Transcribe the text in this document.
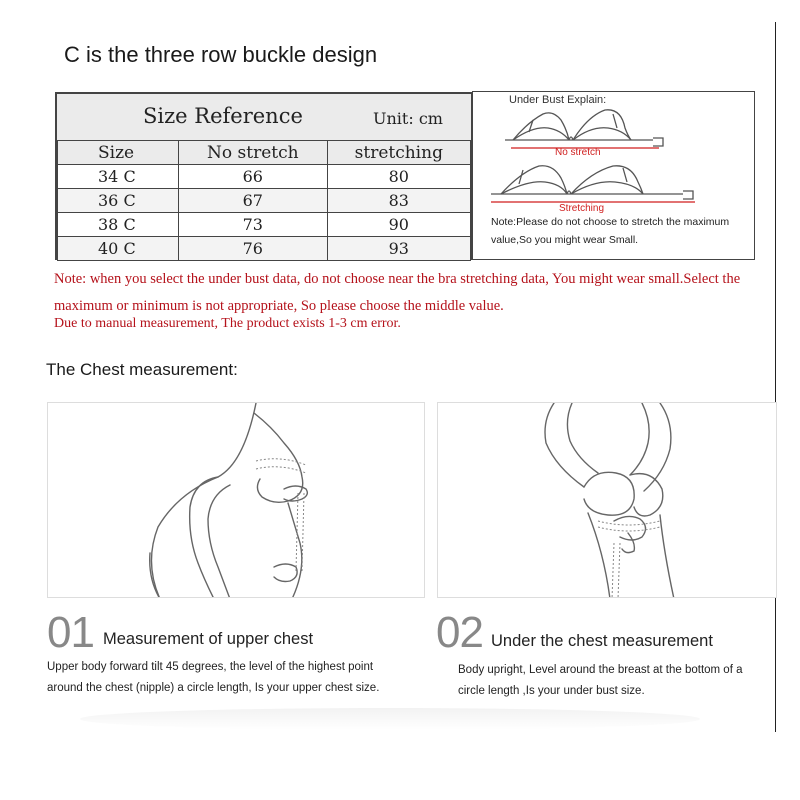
C is the three row buckle design
Size Reference	Unit: cm
Size	No stretch	stretching
34 C	66	80
36 C	67	83
38 C	73	90
40 C	76	93
Under Bust Explain:
No stretch
Stretching
Note:Please do not choose to stretch the maximum value,So you might wear Small.
Note: when you select the under bust data, do not choose near the bra stretching data, You might wear small.Select the maximum or minimum is not appropriate, So please choose the middle value.
Due to manual measurement, The product exists 1-3 cm error.
The Chest measurement:
01 Measurement of upper chest
Upper body forward tilt 45 degrees, the level of the highest point around the chest (nipple) a circle length, Is your upper chest size.
02 Under the chest measurement
Body upright, Level around the breast at the bottom of a circle length ,Is your under bust size.
